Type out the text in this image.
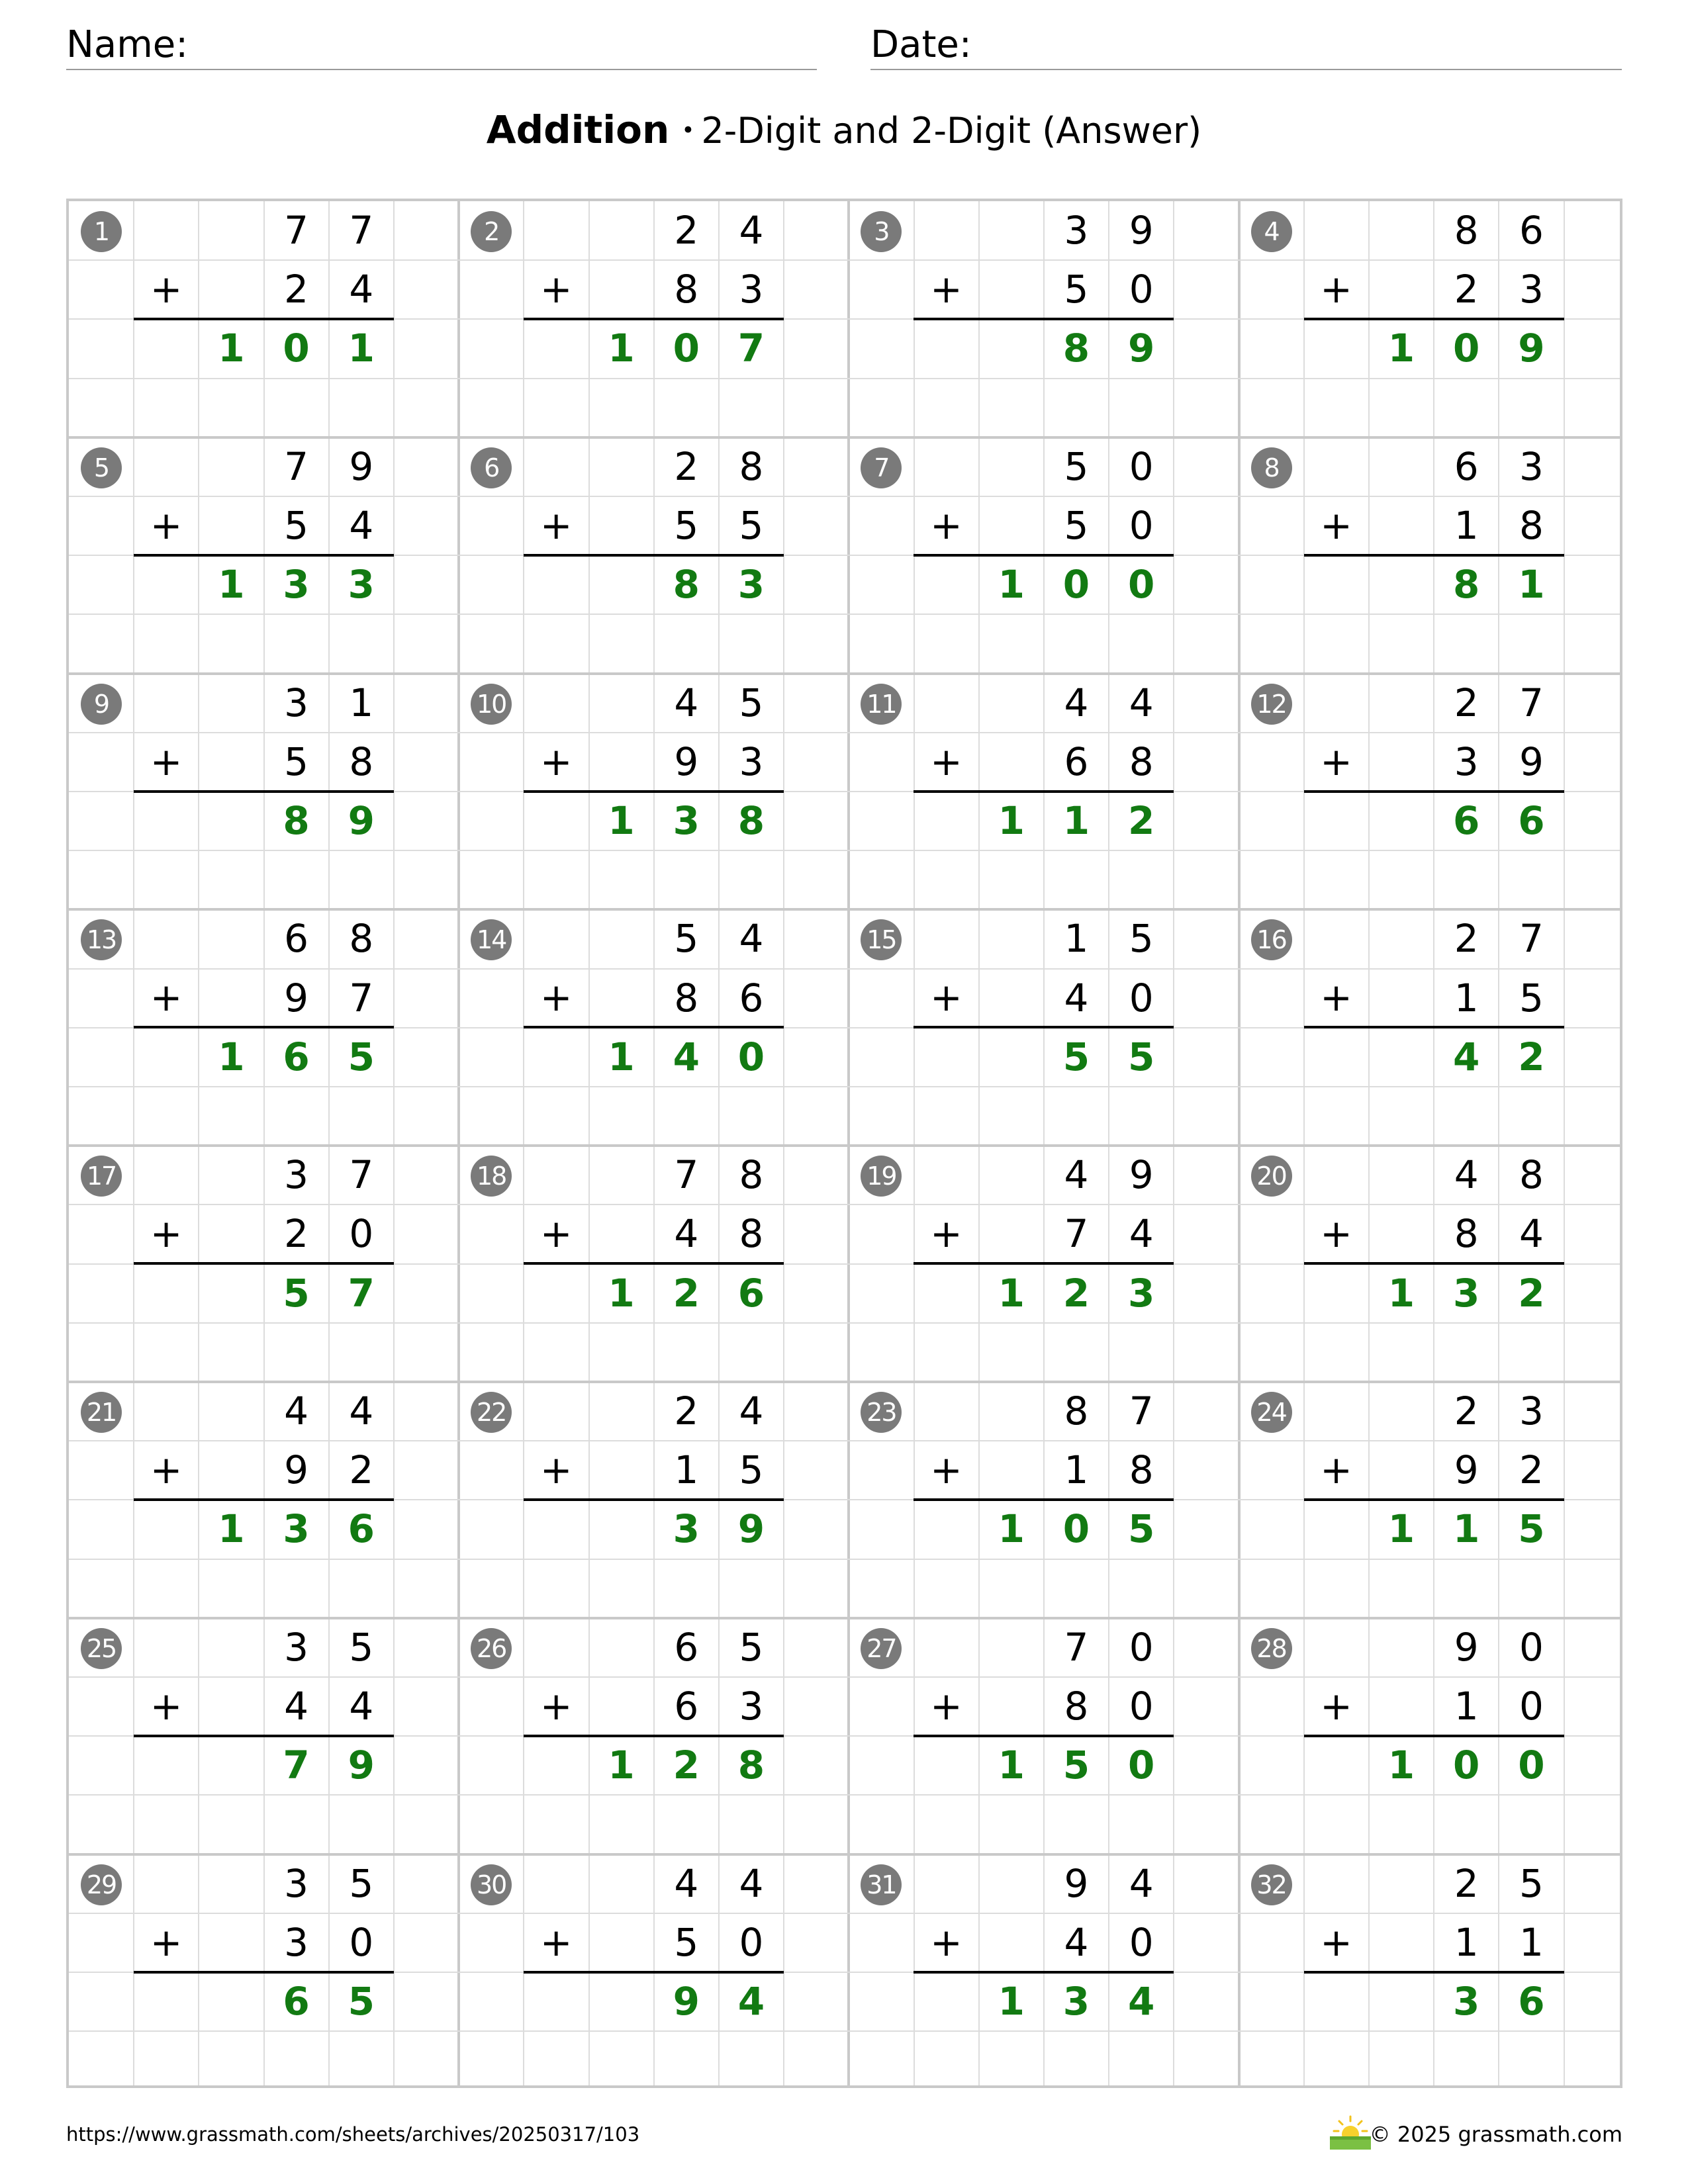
Name:	Date:
Addition • 2-Digit and 2-Digit (Answer)
1	7	7
+	2	4
1 0 1
2	2	4
+	8	3
1 0 7
3	3	9
+	5	0
8 9
4	8	6
+	2	3
1 0 9
5	7	9
+	5	4
1 3 3
6	2	8
+	5	5
8 3
7	5	0
+	5	0
1 0 0
8	6	3
+	1	8
8 1
9	3	1
+	5	8
8 9
10	4	5
+	9	3
1 3 8
11	4	4
+	6	8
1 1 2
12	2	7
+	3	9
6 6
13	6	8
+	9	7
1 6 5
14	5	4
+	8	6
1 4 0
15	1	5
+	4	0
5 5
16	2	7
+	1	5
4 2
17	3	7
+	2	0
5 7
18	7	8
+	4	8
1 2 6
19	4	9
+	7	4
1 2 3
20	4	8
+	8	4
1 3 2
21	4	4
+	9	2
1 3 6
22	2	4
+	1	5
3 9
23	8	7
+	1	8
1 0 5
24	2	3
+	9	2
1 1 5
25	3	5
+	4	4
7 9
26	6	5
+	6	3
1 2 8
27	7	0
+	8	0
1 5 0
28	9	0
+	1	0
1 0 0
29	3	5
+	3	0
6 5
30	4	4
+	5	0
9 4
31	9	4
+	4	0
1 3 4
32	2	5
+	1	1
3 6
https://www.grassmath.com/sheets/archives/20250317/103	© 2025 grassmath.com
